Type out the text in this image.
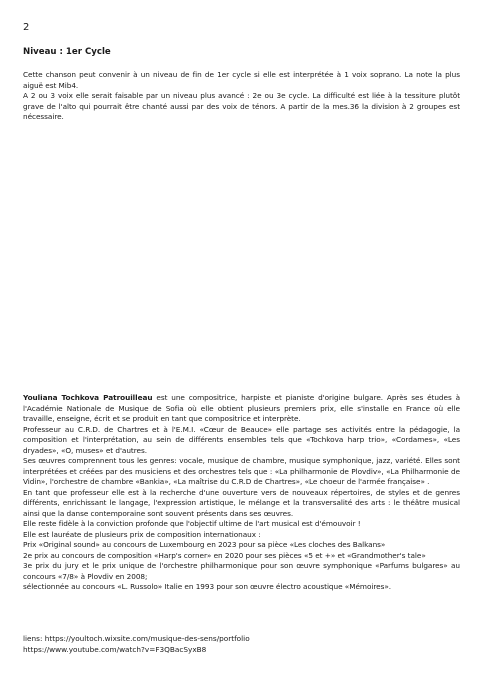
2
Niveau : 1er Cycle
Cette chanson peut convenir à un niveau de fin de 1er cycle si elle est interprétée à 1 voix soprano. La note la plus aiguë est Mib4.
A 2 ou 3 voix elle serait faisable par un niveau plus avancé : 2e ou 3e cycle. La difficulté est liée à la tessiture plutôt grave de l'alto qui pourrait être chanté aussi par des voix de ténors. A partir de la mes.36 la division à 2 groupes est nécessaire.

Youliana Tochkova Patrouilleau est une compositrice, harpiste et pianiste d'origine bulgare. Après ses études à l'Académie Nationale de Musique de Sofia où elle obtient plusieurs premiers prix, elle s'installe en France où elle travaille, enseigne, écrit et se produit en tant que compositrice et interprète.

Professeur au C.R.D. de Chartres et à l'E.M.I. «Cœur de Beauce» elle partage ses activités entre la pédagogie, la composition et l'interprétation, au sein de différents ensembles tels que «Tochkova harp trio», «Cordames», «Les dryades», «O, muses» et d'autres.

Ses œuvres comprennent tous les genres: vocale, musique de chambre, musique symphonique, jazz, variété. Elles sont interprétées et créées par des musiciens et des orchestres tels que : «La philharmonie de Plovdiv», «La Philharmonie de Vidin», l'orchestre de chambre «Bankia», «La maîtrise du C.R.D de Chartres», «Le choeur de l'armée française» .

En tant que professeur elle est à la recherche d'une ouverture vers de nouveaux répertoires, de styles et de genres différents, enrichissant le langage, l'expression artistique, le mélange et la transversalité des arts : le théâtre musical ainsi que la danse contemporaine sont souvent présents dans ses œuvres.

Elle reste fidèle à la conviction profonde que l'objectif ultime de l'art musical est d'émouvoir !

Elle est lauréate de plusieurs prix de composition internationaux :

Prix «Original sound» au concours de Luxembourg en 2023 pour sa pièce «Les cloches des Balkans»

2e prix au concours de composition «Harp's corner» en 2020 pour ses pièces «5 et +» et «Grandmother's tale»

3e prix du jury et le prix unique de l'orchestre philharmonique pour son œuvre symphonique «Parfums bulgares» au concours «7/8» à Plovdiv en 2008;

sélectionnée au concours «L. Russolo» Italie en 1993 pour son œuvre électro acoustique «Mémoires».

liens: https://youltoch.wixsite.com/musique-des-sens/portfolio
https://www.youtube.com/watch?v=F3QBacSyxB8
